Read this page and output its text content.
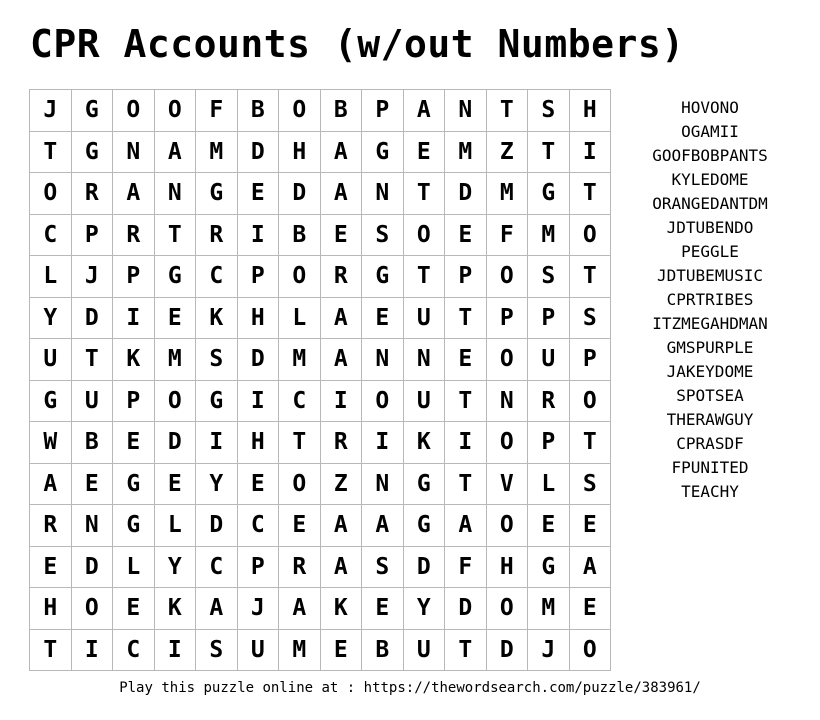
CPR Accounts (w/out Numbers)
J	G	O	O	F	B	O	B	P	A	N	T	S	H
T	G	N	A	M	D	H	A	G	E	M	Z	T	I
O	R	A	N	G	E	D	A	N	T	D	M	G	T
C	P	R	T	R	I	B	E	S	O	E	F	M	O
L	J	P	G	C	P	O	R	G	T	P	O	S	T
Y	D	I	E	K	H	L	A	E	U	T	P	P	S
U	T	K	M	S	D	M	A	N	N	E	O	U	P
G	U	P	O	G	I	C	I	O	U	T	N	R	O
W	B	E	D	I	H	T	R	I	K	I	O	P	T
A	E	G	E	Y	E	O	Z	N	G	T	V	L	S
R	N	G	L	D	C	E	A	A	G	A	O	E	E
E	D	L	Y	C	P	R	A	S	D	F	H	G	A
H	O	E	K	A	J	A	K	E	Y	D	O	M	E
T	I	C	I	S	U	M	E	B	U	T	D	J	O
HOVONO
OGAMII
GOOFBOBPANTS
KYLEDOME
ORANGEDANTDM
JDTUBENDO
PEGGLE
JDTUBEMUSIC
CPRTRIBES
ITZMEGAHDMAN
GMSPURPLE
JAKEYDOME
SPOTSEA
THERAWGUY
CPRASDF
FPUNITED
TEACHY
Play this puzzle online at : https://thewordsearch.com/puzzle/383961/
